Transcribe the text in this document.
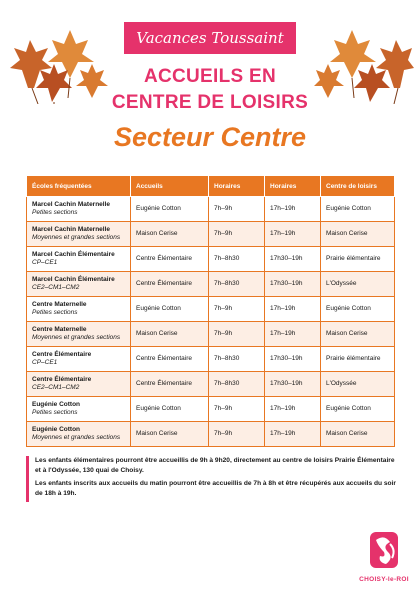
Vacances Toussaint
ACCUEILS EN
CENTRE DE LOISIRS
Secteur Centre
Écoles fréquentées	Accueils	Horaires	Horaires	Centre de loisirs

Marcel Cachin Maternelle
Petites sections	Eugénie Cotton	7h–9h	17h–19h	Eugénie Cotton

Marcel Cachin Maternelle
Moyennes et grandes sections	Maison Cerise	7h–9h	17h–19h	Maison Cerise

Marcel Cachin Élémentaire
CP–CE1	Centre Élémentaire	7h–8h30	17h30–19h	Prairie élémentaire

Marcel Cachin Élémentaire
CE2–CM1–CM2	Centre Élémentaire	7h–8h30	17h30–19h	L'Odyssée

Centre Maternelle
Petites sections	Eugénie Cotton	7h–9h	17h–19h	Eugénie Cotton

Centre Maternelle
Moyennes et grandes sections	Maison Cerise	7h–9h	17h–19h	Maison Cerise

Centre Élémentaire
CP–CE1	Centre Élémentaire	7h–8h30	17h30–19h	Prairie élémentaire

Centre Élémentaire
CE2–CM1–CM2	Centre Élémentaire	7h–8h30	17h30–19h	L'Odyssée

Eugénie Cotton
Petites sections	Eugénie Cotton	7h–9h	17h–19h	Eugénie Cotton

Eugénie Cotton
Moyennes et grandes sections	Maison Cerise	7h–9h	17h–19h	Maison Cerise

Les enfants élémentaires pourront être accueillis de 9h à 9h20, directement au centre de loisirs Prairie Élémentaire et à l'Odyssée, 130 quai de Choisy.

Les enfants inscrits aux accueils du matin pourront être accueillis de 7h à 8h et être récupérés aux accueils du soir de 18h à 19h.

CHOISY-le-ROI
